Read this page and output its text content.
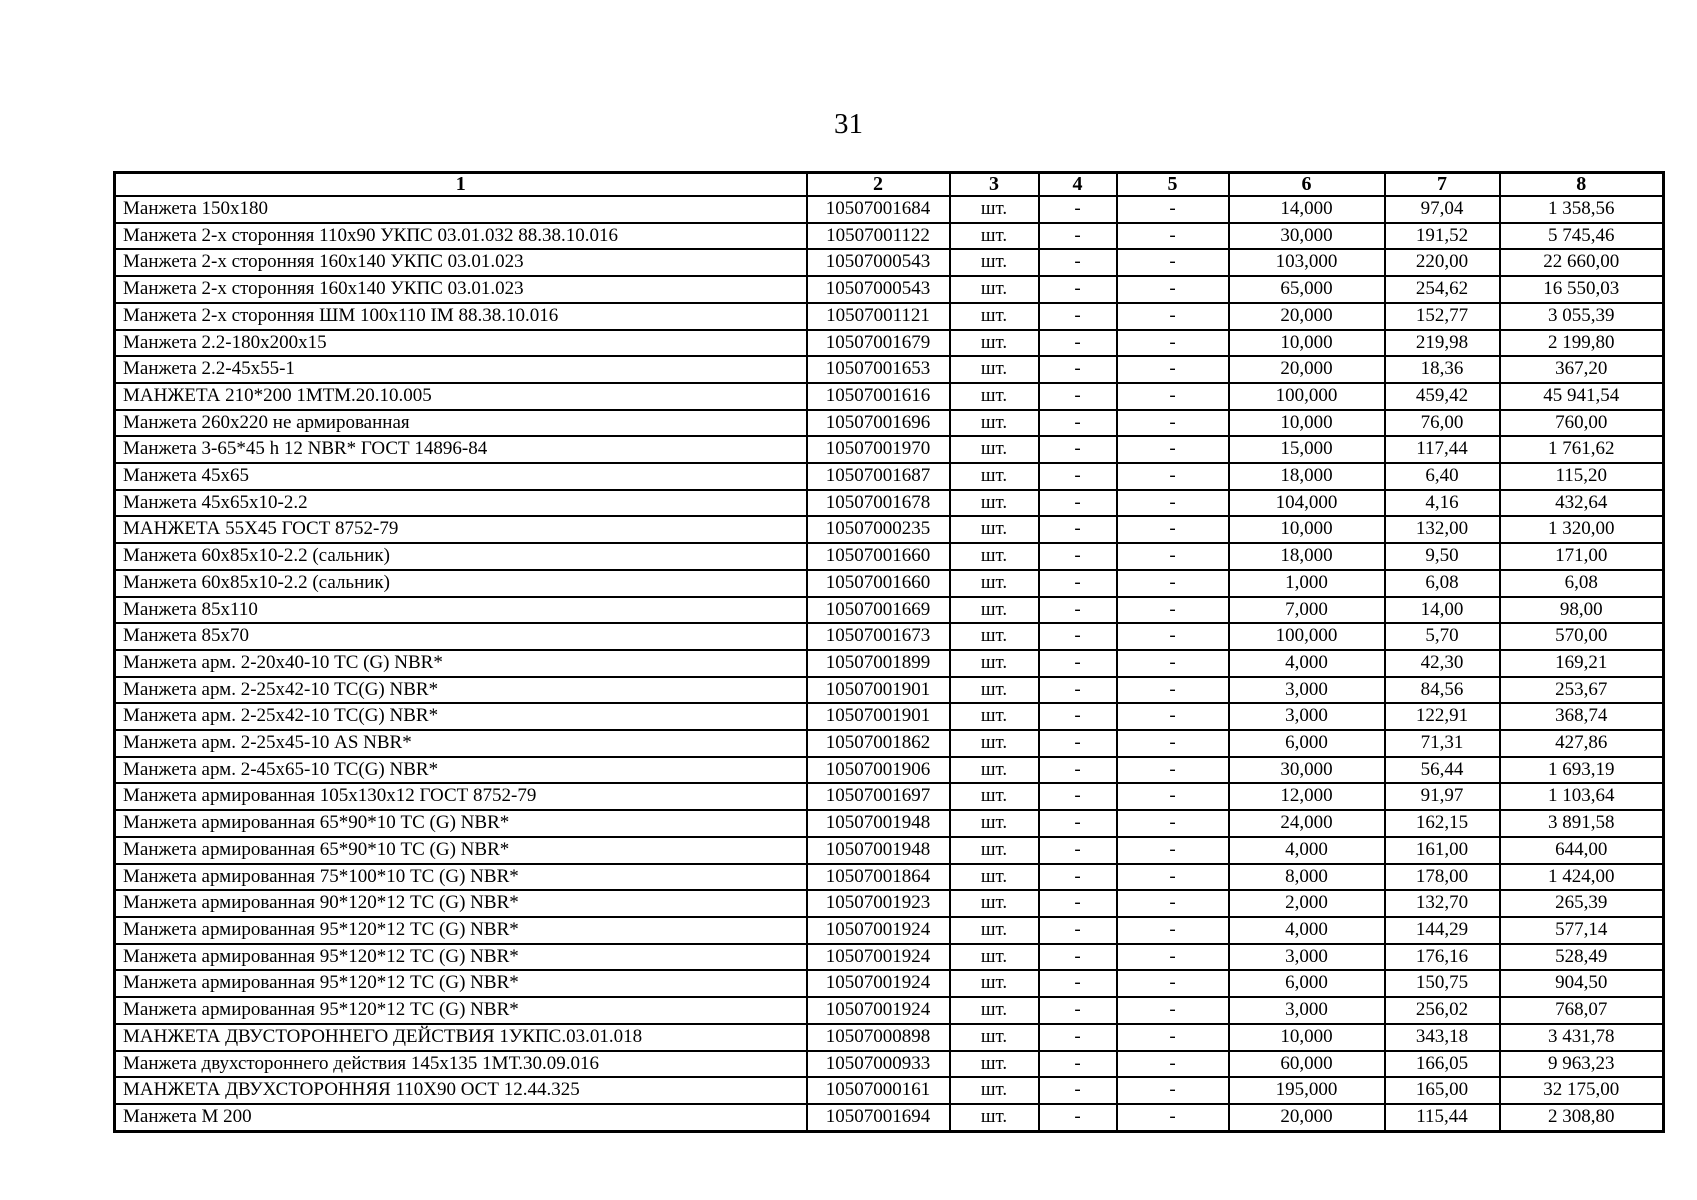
31
1	2	3	4	5	6	7	8
Манжета 150х180	10507001684	шт.	-	-	14,000	97,04	1 358,56
Манжета 2-х сторонняя 110х90 УКПС 03.01.032 88.38.10.016	10507001122	шт.	-	-	30,000	191,52	5 745,46
Манжета 2-х сторонняя 160х140 УКПС 03.01.023	10507000543	шт.	-	-	103,000	220,00	22 660,00
Манжета 2-х сторонняя 160х140 УКПС 03.01.023	10507000543	шт.	-	-	65,000	254,62	16 550,03
Манжета 2-х сторонняя ШМ 100х110 IM 88.38.10.016	10507001121	шт.	-	-	20,000	152,77	3 055,39
Манжета 2.2-180х200х15	10507001679	шт.	-	-	10,000	219,98	2 199,80
Манжета 2.2-45х55-1	10507001653	шт.	-	-	20,000	18,36	367,20
МАНЖЕТА 210*200 1МТМ.20.10.005	10507001616	шт.	-	-	100,000	459,42	45 941,54
Манжета 260х220 не армированная	10507001696	шт.	-	-	10,000	76,00	760,00
Манжета 3-65*45 h 12 NBR* ГОСТ 14896-84	10507001970	шт.	-	-	15,000	117,44	1 761,62
Манжета 45х65	10507001687	шт.	-	-	18,000	6,40	115,20
Манжета 45х65х10-2.2	10507001678	шт.	-	-	104,000	4,16	432,64
МАНЖЕТА 55Х45 ГОСТ 8752-79	10507000235	шт.	-	-	10,000	132,00	1 320,00
Манжета 60х85х10-2.2 (сальник)	10507001660	шт.	-	-	18,000	9,50	171,00
Манжета 60х85х10-2.2 (сальник)	10507001660	шт.	-	-	1,000	6,08	6,08
Манжета 85х110	10507001669	шт.	-	-	7,000	14,00	98,00
Манжета 85х70	10507001673	шт.	-	-	100,000	5,70	570,00
Манжета арм. 2-20х40-10 TC (G) NBR*	10507001899	шт.	-	-	4,000	42,30	169,21
Манжета арм. 2-25х42-10 TC(G) NBR*	10507001901	шт.	-	-	3,000	84,56	253,67
Манжета арм. 2-25х42-10 TC(G) NBR*	10507001901	шт.	-	-	3,000	122,91	368,74
Манжета арм. 2-25х45-10 AS NBR*	10507001862	шт.	-	-	6,000	71,31	427,86
Манжета арм. 2-45х65-10 TC(G) NBR*	10507001906	шт.	-	-	30,000	56,44	1 693,19
Манжета армированная 105х130х12 ГОСТ 8752-79	10507001697	шт.	-	-	12,000	91,97	1 103,64
Манжета армированная 65*90*10 TC (G) NBR*	10507001948	шт.	-	-	24,000	162,15	3 891,58
Манжета армированная 65*90*10 TC (G) NBR*	10507001948	шт.	-	-	4,000	161,00	644,00
Манжета армированная 75*100*10 TC (G) NBR*	10507001864	шт.	-	-	8,000	178,00	1 424,00
Манжета армированная 90*120*12 TC (G) NBR*	10507001923	шт.	-	-	2,000	132,70	265,39
Манжета армированная 95*120*12 TC (G) NBR*	10507001924	шт.	-	-	4,000	144,29	577,14
Манжета армированная 95*120*12 TC (G) NBR*	10507001924	шт.	-	-	3,000	176,16	528,49
Манжета армированная 95*120*12 TC (G) NBR*	10507001924	шт.	-	-	6,000	150,75	904,50
Манжета армированная 95*120*12 TC (G) NBR*	10507001924	шт.	-	-	3,000	256,02	768,07
МАНЖЕТА ДВУСТОРОННЕГО ДЕЙСТВИЯ 1УКПС.03.01.018	10507000898	шт.	-	-	10,000	343,18	3 431,78
Манжета двухстороннего действия 145х135 1МТ.30.09.016	10507000933	шт.	-	-	60,000	166,05	9 963,23
МАНЖЕТА ДВУХСТОРОННЯЯ 110Х90 ОСТ 12.44.325	10507000161	шт.	-	-	195,000	165,00	32 175,00
Манжета М 200	10507001694	шт.	-	-	20,000	115,44	2 308,80
